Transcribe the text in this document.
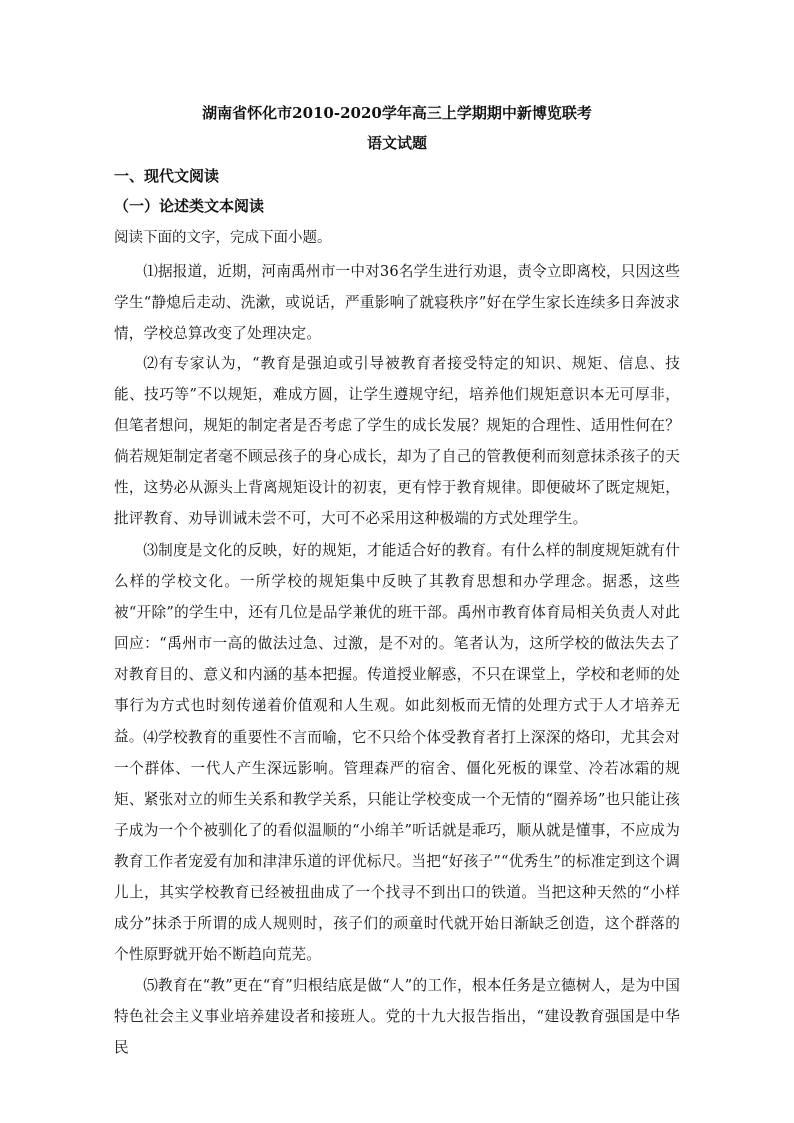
湖南省怀化市2010-2020学年高三上学期期中新博览联考
语文试题
一、现代文阅读
（一）论述类文本阅读
阅读下面的文字，完成下面小题。

⑴据报道，近期，河南禹州市一中对36名学生进行劝退，责令立即离校，只因这些学生“静熄后走动、洗漱，或说话，严重影响了就寝秩序”好在学生家长连续多日奔波求情，学校总算改变了处理决定。

⑵有专家认为，“教育是强迫或引导被教育者接受特定的知识、规矩、信息、技能、技巧等”不以规矩，难成方圆，让学生遵规守纪，培养他们规矩意识本无可厚非，但笔者想问，规矩的制定者是否考虑了学生的成长发展？规矩的合理性、适用性何在？倘若规矩制定者毫不顾忌孩子的身心成长，却为了自己的管教便利而刻意抹杀孩子的天性，这势必从源头上背离规矩设计的初衷，更有悖于教育规律。即便破坏了既定规矩，批评教育、劝导训诫未尝不可，大可不必采用这种极端的方式处理学生。

⑶制度是文化的反映，好的规矩，才能适合好的教育。有什么样的制度规矩就有什么样的学校文化。一所学校的规矩集中反映了其教育思想和办学理念。据悉，这些被“开除”的学生中，还有几位是品学兼优的班干部。禹州市教育体育局相关负责人对此回应：“禹州市一高的做法过急、过激，是不对的。笔者认为，这所学校的做法失去了对教育目的、意义和内涵的基本把握。传道授业解惑，不只在课堂上，学校和老师的处事行为方式也时刻传递着价值观和人生观。如此刻板而无情的处理方式于人才培养无益。 ⑷学校教育的重要性不言而喻，它不只给个体受教育者打上深深的烙印，尤其会对一个群体、一代人产生深远影响。管理森严的宿舍、僵化死板的课堂、冷若冰霜的规矩、紧张对立的师生关系和教学关系，只能让学校变成一个无情的“圈养场”也只能让孩子成为一个个被驯化了的看似温顺的“小绵羊”听话就是乖巧，顺从就是懂事，不应成为教育工作者宠爱有加和津津乐道的评优标尺。当把“好孩子”“优秀生”的标准定到这个调儿上，其实学校教育已经被扭曲成了一个找寻不到出口的铁道。当把这种天然的“小样成分”抹杀于所谓的成人规则时，孩子们的顽童时代就开始日渐缺乏创造，这个群落的个性原野就开始不断趋向荒芜。

⑸教育在“教”更在“育”归根结底是做“人”的工作，根本任务是立德树人，是为中国特色社会主义事业培养建设者和接班人。党的十九大报告指出，“建设教育强国是中华民
